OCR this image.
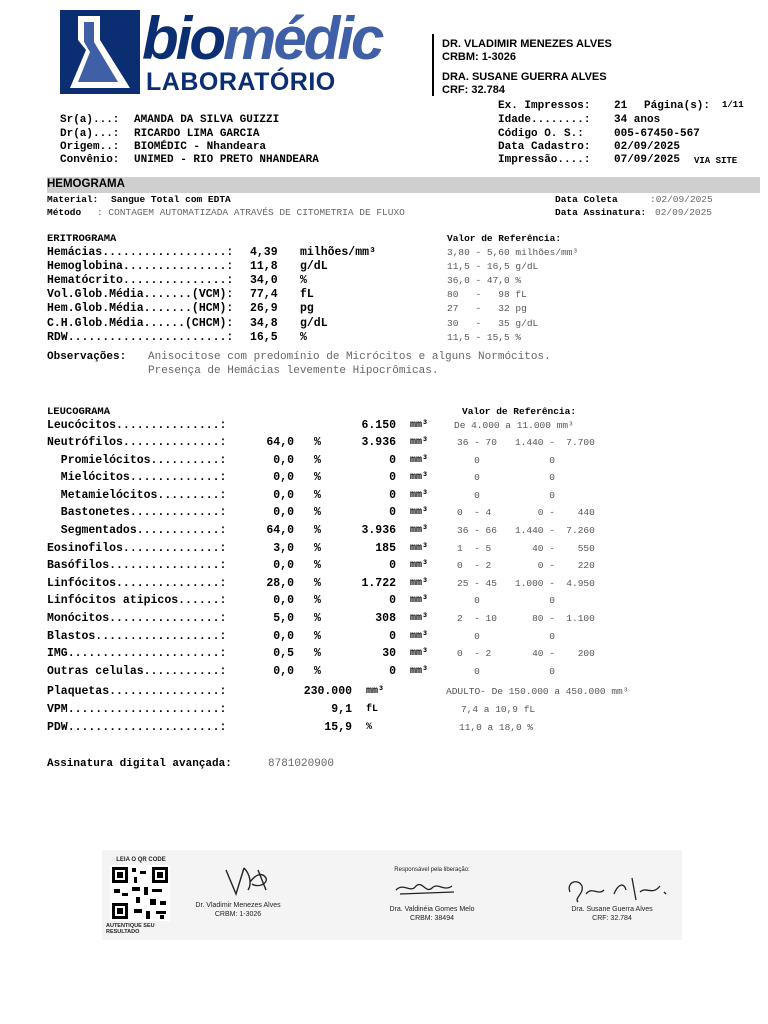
biomédic
LABORATÓRIO
DR. VLADIMIR MENEZES ALVES
CRBM: 1-3026
DRA. SUSANE GUERRA ALVES
CRF: 32.784
Ex. Impressos: 21 Página(s): 1/11
Sr(a)...: AMANDA DA SILVA GUIZZI
Dr(a)...: RICARDO LIMA GARCIA
Origem..: BIOMÉDIC - Nhandeara
Convênio: UNIMED - RIO PRETO NHANDEARA
Idade........: 34 anos
Código O. S.:	005-67450-567
Data Cadastro: 02/09/2025
Impressão....: 07/09/2025 VIA SITE
HEMOGRAMA
Material: Sangue Total com EDTA
Método : CONTAGEM AUTOMATIZADA ATRAVÉS DE CITOMETRIA DE FLUXO
Data Coleta	:02/09/2025
Data Assinatura: 02/09/2025
ERITROGRAMA	Valor de Referência:
Hemácias..................: 4,39 milhões/mm³	3,80 - 5,60 milhões/mm³
Hemoglobina...............: 11,8 g/dL	11,5 - 16,5 g/dL
Hematócrito...............: 34,0 %	36,0 - 47,0 %
Vol.Glob.Média.......(VCM): 77,4 fL	80   -   98 fL
Hem.Glob.Média.......(HCM): 26,9 pg	27   -   32 pg
C.H.Glob.Média......(CHCM): 34,8 g/dL	30   -   35 g/dL
RDW.......................: 16,5 %	11,5 - 15,5 %
Observações: Anisocitose com predomínio de Micrócitos e alguns Normócitos.
Presença de Hemácias levemente Hipocrômicas.
LEUCOGRAMA	Valor de Referência:
Leucócitos...............:	6.150 mm³	De 4.000 a 11.000 mm³
Neutrófilos..............:	64,0 %	3.936 mm³	36 - 70 1.440 -  7.700
Promielócitos..........:	0,0 %	0 mm³	0	0
Mielócitos.............:	0,0 %	0 mm³	0	0
Metamielócitos.........:	0,0 %	0 mm³	0	0
Bastonetes.............:	0,0 %	0 mm³	0  - 4	0 -    440
Segmentados............:	64,0 %	3.936 mm³	36 - 66 1.440 -  7.260
Eosinofilos..............:	3,0 %	185 mm³	1  - 5	40 -    550
Basófilos................:	0,0 %	0 mm³	0  - 2	0 -    220
Linfócitos...............:	28,0 %	1.722 mm³	25 - 45 1.000 -  4.950
Linfócitos atipicos......:	0,0 %	0 mm³	0	0
Monócitos................:	5,0 %	308 mm³	2  - 10 80 -  1.100
Blastos..................:	0,0 %	0 mm³	0	0
IMG......................:	0,5 %	30 mm³	0  - 2	40 -    200
Outras celulas...........:	0,0 %	0 mm³	0	0
Plaquetas................:	230.000 mm³	ADULTO- De 150.000 a 450.000 mm³
VPM......................:	9,1 fL	7,4 a 10,9 fL
PDW......................:	15,9 %	11,0 a 18,0 %
Assinatura digital avançada:	8781020900
LEIA O QR CODE
AUTENTIQUE SEU RESULTADO
Dr. Vladimir Menezes Alves
CRBM: 1-3026
Responsável pela liberação:
Dra. Valdinéia Gomes Melo
CRBM: 38494
Dra. Susane Guerra Alves
CRF: 32.784
